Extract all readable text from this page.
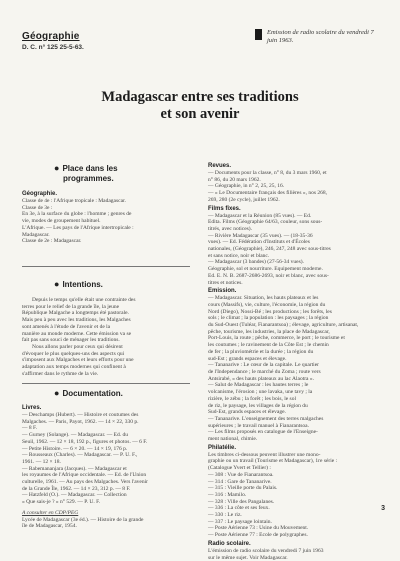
Géographie
D. C. n° 125 25-5-63.
Emission de radio scolaire du vendredi 7 juin 1963.
Madagascar entre ses traditions
et son avenir
● Place dans les
programmes.
Géographie.

Classe de 4e : l'Afrique tropicale : Madagascar.

Classe de 3e :

En 3e, à la surface du globe : l'homme ; genres de

vie, modes de groupement habituel.

L'Afrique. — Les pays de l'Afrique intertropicale :

Madagascar.

Classe de 2e : Madagascar.

● Intentions.

Depuis le temps qu'elle était une contrainte des

terres pour le relief de la grande île, la jeune

République Malgache a longtemps été pastorale.

Mais peu à peu avec les traditions, les Malgaches

sont amenés à l'étude de l'avenir et de la

manière au monde moderne. Cette émission va se

fait pas sans souci de ménager les traditions.

Nous allons parler pour ceux qui désirent

d'évoquer le plus quelques-uns des aspects qui

s'imposent aux Malgaches et leurs efforts pour une

adaptation aux temps modernes qui confinent à

s'affirmer dans le rythme de la vie.

● Documentation.
Livres.

— Deschamps (Hubert). — Histoire et coutumes des

Malgaches. — Paris, Payot, 1962. — 14 × 22, 330 p.

— 8 F.

— Gurney (Solange). — Madagascar. — Ed. du

Seuil, 1962. — 12 × 18, 192 p., figures et photos. — 6 F.

— Petite Histoire. — 6 × 20. — 14 × 19, 176 p.

— Rousseaux (Charles). — Madagascar. — P. U. F.,

1961. — 12 × 18.

— Rabemananjara (Jacques). — Madagascar et

les royaumes de l'Afrique occidentale. — Ed. de l'Union

culturelle, 1961. — Au pays des Malgaches. Vers l'avenir

de la Grande Île, 1962. — 14 × 23, 312 p. — 8 F.

— Hatzfeld (O.). — Madagascar. — Collection

« Que sais-je ? » n° 529. — P. U. F.

A consulter en CDP/PEG

Lycée de Madagascar (3e éd.). — Histoire de la grande

île de Madagascar, 1954.

Revues.

— Documents pour la classe, n° 8, du 3 mars 1960, et

n° 86, du 20 mars 1962.

— Géographie, in n° 2, 25, 25, 16.

— « Le Documentaire français des filières », nos 268,

269, 280 (2e cycle), juillet 1962.

Films fixes.

— Madagascar et la Réunion (85 vues). — Ed.

Edita. Films (Géographie 64/63, couleur, sons sous-

titrés, avec notices).

— Rivière Madagascar (35 vues). — (18-35-36

vues). — Ed. Fédération d'Instituts et d'Écoles

nationales, (Géographie), 246, 247, 248 avec sous-titres

et sans notice, noir et blanc.

— Madagascar (3 bandes) (27-56-34 vues).

Géographie, sol et nourriture. Equipement moderne.

Ed. E. N. B. 2687-2686-2693, noir et blanc, avec sous-

titres et notices.

Emission.

— Madagascar. Situation, les hauts plateaux et les

cours (Massifs), vie, culture, l'économie, la région du

Nord (Diego), Nossi-Bé ; les productions ; les forêts, les

sols ; le climat ; la population : les paysages ; la région

du Sud-Ouest (Tuléar, Fianarantsoa) ; élevage, agriculture, artisanat,

pêche, tourisme, les industries, la place de Madagascar,

Port-Louis, la route ; pêche, commerce, le port ; le tourisme et

les coutumes ; le ravinement de la Côte Est ; le chemin

de fer ; la pluviométrie et la durée ; la région du

sud-Est ; grands espaces et élevage.

— Tananarive : Le cœur de la capitale. Le quartier

de l'Independance ; le marché du Zoma ; route vers

Antsirabé, « des hauts plateaux au lac Alaotra ».

— Salut de Madagascar : les hautes terres ; le

volcanisme, l'érosion ; une lavaka, une tavy ; la

rizière, le zébu ; la forêt ; les bois, le sol

de riz, le paysage, les villages de la région du

Sud-Est, grands espaces et élevage.

— Tananarive. L'enseignement des terres malgaches

supérieures ; le travail manuel à Fianarantsoa.

— Les films proposés en catalogue de l'Enseigne-

ment national, chimie.

Philatélie.

Les timbres ci-dessous peuvent illustrer une mono-

graphie ou un travail (Tourisme et Madagascar), 1re série :

(Catalogue Yvert et Tellier) :

— 308 : Vue de Fianarantsoa.

— 314 : Gare de Tananarive.

— 315 : Vieille porte du Palais.

— 316 : Mamilo.

— 328 : Ville des Pangalanes.

— 336 : La côte et ses feux.

— 330 : Le riz.

— 337 : Le paysage lointain.

— Poste Aérienne 73 : Usine du Mouvement.

— Poste Aérienne 77 : Ecole de polygraphes.

Radio scolaire.

L'émission de radio scolaire du vendredi 7 juin 1963

sur le même sujet. Voir Madagascar.

3
